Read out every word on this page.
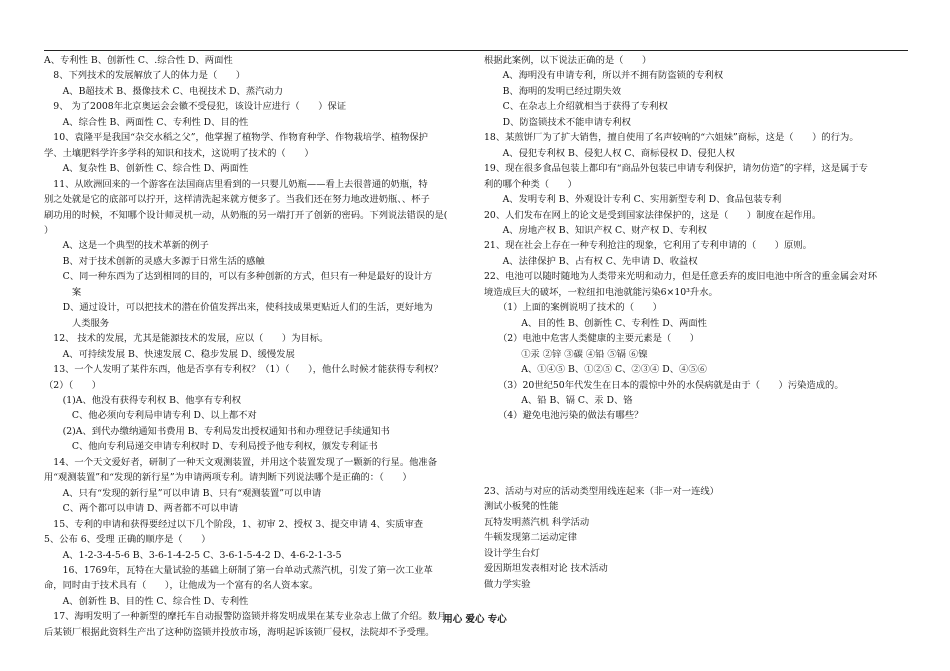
A、专利性 B、创新性 C、.综合性 D、两面性
　8、下列技术的发展解放了人的体力是（　　）
　　A、B超技术 B、摄像技术 C、电视技术 D、蒸汽动力
　9、 为了2008年北京奥运会会徽不受侵犯，该设计应进行（　　）保证
　　A、综合性 B、两面性 C、专利性 D、目的性
　10、袁隆平是我国“杂交水稻之父”，他掌握了植物学、作物育种学、作物栽培学、植物保护
学、土壤肥料学许多学科的知识和技术，这说明了技术的（　　）
　　A、复杂性 B、创新性 C、综合性 D、两面性
　11、从欧洲回来的一个游客在法国商店里看到的一只婴儿奶瓶——看上去很普通的奶瓶，特
别之处就是它的底部可以拧开，这样清洗起来就方便多了。当我们还在努力地改进奶瓶、、杯子
刷功用的时候，不知哪个设计师灵机一动，从奶瓶的另一端打开了创新的密码。下列说法错误的是(
）
　　A、这是一个典型的技术革新的例子
　　B、对于技术创新的灵感大多源于日常生活的感触
　　C、同一种东西为了达到相同的目的，可以有多种创新的方式，但只有一种是最好的设计方
　　　案
　　D、通过设计，可以把技术的潜在价值发挥出来，使科技成果更贴近人们的生活，更好地为
　　　人类服务
　12、 技术的发展，尤其是能源技术的发展，应以（　　）为目标。
　　A、可持续发展 B、快速发展 C、稳步发展 D、缓慢发展
　13、一个人发明了某件东西，他是否享有专利权？（1）（　　），他什么时候才能获得专利权？
（2）（　　）
　　(1)A、他没有获得专利权 B、他享有专利权
　　　C、他必须向专利局申请专利 D、以上都不对
　　(2)A、到代办缴纳通知书费用 B、专利局发出授权通知书和办理登记手续通知书
　　　C、他向专利局递交申请专利权时 D、专利局授予他专利权，颁发专利证书
　14、一个天文爱好者，研制了一种天文观测装置，并用这个装置发现了一颗新的行星。他准备
用“观测装置”和“发现的新行星”为申请两项专利。请判断下列说法哪个是正确的：（　　）
　　A、只有“发现的新行星”可以申请 B、只有“观测装置”可以申请
　　C、两个都可以申请 D、两者都不可以申请
　15、专利的申请和获得要经过以下几个阶段，1、初审 2、授权 3、提交申请 4、实质审查
5、公布 6、受理 正确的顺序是（　　）
　　A、1-2-3-4-5-6 B、3-6-1-4-2-5 C、3-6-1-5-4-2 D、4-6-2-1-3-5
　　16、1769年，瓦特在大量试验的基础上研制了第一台单动式蒸汽机，引发了第一次工业革
命，同时由于技术具有（　　），让他成为一个富有的名人资本家。
　　A、创新性 B、目的性 C、综合性 D、专利性
　17、海明发明了一种新型的摩托车自动报警防盗锁并将发明成果在某专业杂志上做了介绍。数月
后某锁厂根据此资料生产出了这种防盗锁并投放市场，海明起诉该锁厂侵权，法院却不予受理。
根据此案例，以下说法正确的是（　　）
　　A、海明没有申请专利，所以并不拥有防盗锁的专利权
　　B、海明的发明已经过期失效
　　C、在杂志上介绍就相当于获得了专利权
　　D、防盗锁技术不能申请专利权
18、某煎饼厂为了扩大销售，擅自使用了名声较响的“六姐妹”商标，这是（　　）的行为。
　　A、侵犯专利权 B、侵犯人权 C、商标侵权 D、侵犯人权
19、现在很多食品包装上都印有“商品外包装已申请专利保护，请勿仿造”的字样，这是属于专
利的哪个种类（　　）
　　A、发明专利 B、外观设计专利 C、实用新型专利 D、食品包装专利
20、人们发布在网上的论文是受到国家法律保护的，这是（　　）制度在起作用。
　　A、房地产权 B、知识产权 C、财产权 D、专利权
21、现在社会上存在一种专利抢注的现象，它利用了专利申请的（　　）原则。
　　A、法律保护 B、占有权 C、先申请 D、收益权
22、电池可以随时随地为人类带来光明和动力，但是任意丢弃的废旧电池中所含的重金属会对环
境造成巨大的破坏，一粒纽扣电池就能污染6×10³升水。
　　（1）上面的案例说明了技术的（　　）
　　　　A、目的性 B、创新性 C、专利性 D、两面性
　　（2）电池中危害人类健康的主要元素是（　　）
　　　　①汞 ②锌 ③碳 ④铅 ⑤镉 ⑥镍
　　　　A、①④⑤ B、①②⑤ C、②③④ D、④⑤⑥
　　（3）20世纪50年代发生在日本的震惊中外的水俣病就是由于（　　）污染造成的。
　　　　A、铅 B、镉 C、汞 D、铬
　　（4）避免电池污染的做法有哪些？
23、活动与对应的活动类型用线连起来（非一对一连线）
测试小板凳的性能
瓦特发明蒸汽机 科学活动
牛顿发现第二运动定律
设计学生台灯
爱因斯坦发表相对论 技术活动
做力学实验
用心 爱心 专心
